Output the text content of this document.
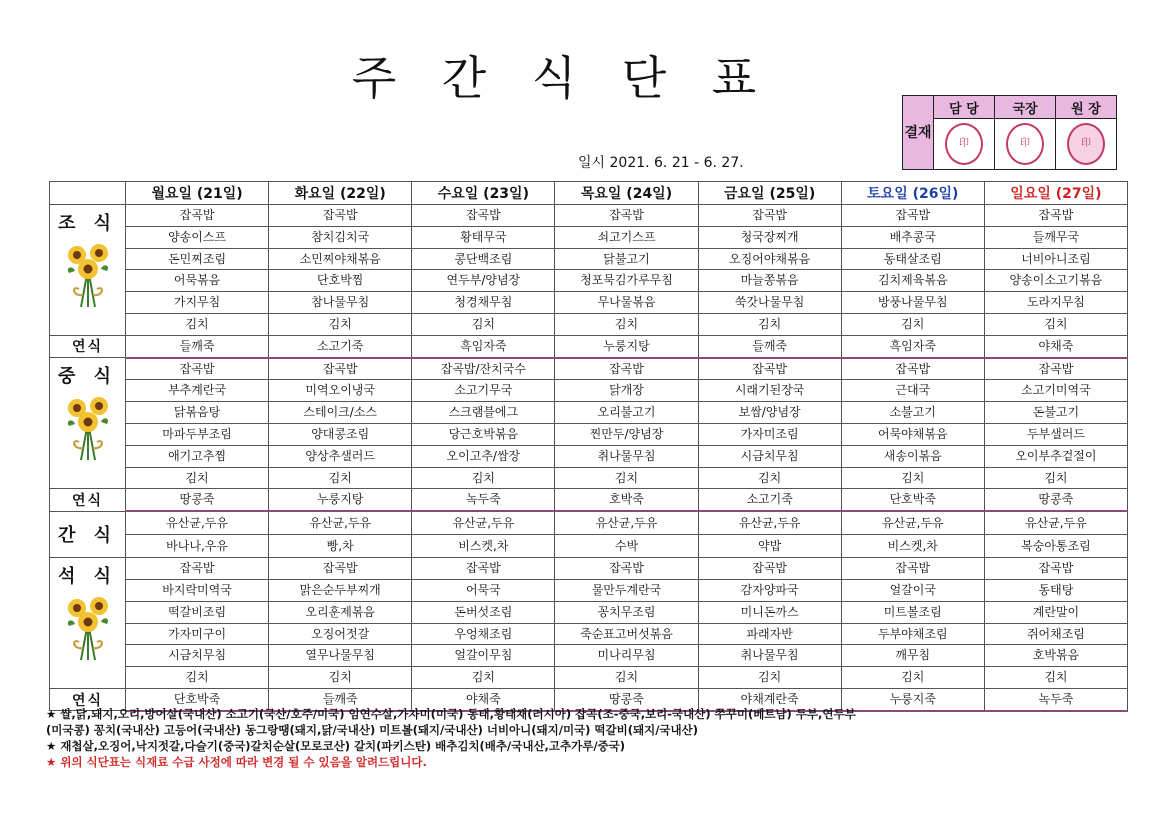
주 간 식 단 표
결재	담 당	국장	원 장
	印	印	印
일시 2021. 6. 21 - 6. 27.
	월요일 (21일)	화요일 (22일)	수요일 (23일)	목요일 (24일)	금요일 (25일)	토요일 (26일)	일요일 (27일)

조 식	잡곡밥	잡곡밥	잡곡밥	잡곡밥	잡곡밥	잡곡밥	잡곡밥

	양송이스프	참치김치국	황태무국	쇠고기스프	청국장찌개	배추콩국	들깨무국

	돈민찌조림	소민찌야채볶음	콩단백조림	닭불고기	오징어야채볶음	동태살조림	너비아니조림

	어묵볶음	단호박찜	연두부/양념장	청포묵김가루무침	마늘쫑볶음	김치제육볶음	양송이소고기볶음

	가지무침	참나물무침	청경채무침	무나물볶음	쑥갓나물무침	방풍나물무침	도라지무침

	김치	김치	김치	김치	김치	김치	김치

연식	들깨죽	소고기죽	흑임자죽	누룽지탕	들깨죽	흑임자죽	야채죽

중 식	잡곡밥	잡곡밥	잡곡밥/잔치국수	잡곡밥	잡곡밥	잡곡밥	잡곡밥

	부추계란국	미역오이냉국	소고기무국	닭개장	시래기된장국	근대국	소고기미역국

	닭볶음탕	스테이크/소스	스크램블에그	오리불고기	보쌈/양념장	소불고기	돈불고기

	마파두부조림	양대콩조림	당근호박볶음	찐만두/양념장	가자미조림	어묵야채볶음	두부샐러드

	애기고추찜	양상추샐러드	오이고추/쌈장	취나물무침	시금치무침	새송이볶음	오이부추겉절이

	김치	김치	김치	김치	김치	김치	김치

연식	땅콩죽	누룽지탕	녹두죽	호박죽	소고기죽	단호박죽	땅콩죽

간 식	유산균,두유	유산균,두유	유산균,두유	유산균,두유	유산균,두유	유산균,두유	유산균,두유

	바나나,우유	빵,차	비스켓,차	수박	약밥	비스켓,차	복숭아통조림

석 식	잡곡밥	잡곡밥	잡곡밥	잡곡밥	잡곡밥	잡곡밥	잡곡밥

	바지락미역국	맑은순두부찌개	어묵국	물만두계란국	감자양파국	얼갈이국	동태탕

	떡갈비조림	오리훈제볶음	돈버섯조림	꽁치무조림	미니돈까스	미트볼조림	계란말이

	가자미구이	오징어젓갈	우엉채조림	죽순표고버섯볶음	파래자반	두부야채조림	쥐어채조림

	시금치무침	열무나물무침	얼갈이무침	미나리무침	취나물무침	깨무침	호박볶음

	김치	김치	김치	김치	김치	김치	김치

연식	단호박죽	들깨죽	야채죽	땅콩죽	야채계란죽	누룽지죽	녹두죽
★ 쌀,닭,돼지,오리,방어살(국내산) 소고기(국산/호주/미국) 임연수살,가자미(미국) 동태,황태채(러시아) 잡곡(조-중국,보리-국내산) 쭈꾸미(베트남) 두부,연두부
(미국콩) 꽁치(국내산) 고등어(국내산) 동그랑땡(돼지,닭/국내산) 미트볼(돼지/국내산) 너비아니(돼지/미국) 떡갈비(돼지/국내산)
★ 재첩살,오징어,낙지젓갈,다슬기(중국)갈치순살(모로코산) 갈치(파키스탄) 배추김치(배추/국내산,고추가루/중국)
★ 위의 식단표는 식재료 수급 사정에 따라 변경 될 수 있음을 알려드립니다.
